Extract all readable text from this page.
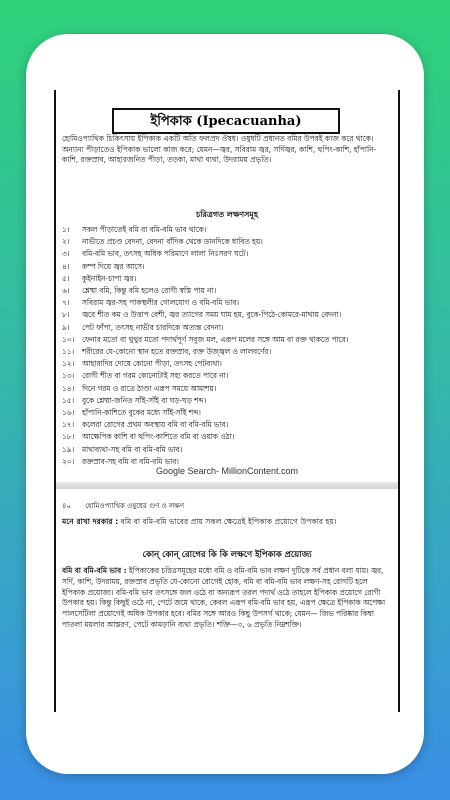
ইপিকাক (Ipecacuanha)
হোমিওপ্যাথিক চিকিৎসায় ইপিকাক একটি অতি ফলপ্রদ ঔষধ। ওষুধটি প্রধানত বমির উপরই কাজ করে থাকে। অন্যান্য পীড়াতেও ইপিকাক ভালো কাজ করে; যেমন—জ্বর, সবিরাম জ্বর, সর্দিজ্বর, কাশি, হুপিং-কাশি, হাঁপানি-কাশি, রক্তস্রাব, আহারজনিত পীড়া, তড়কা, মাথা ব্যথা, উদরাময় প্রভৃতি।
চরিত্রগত লক্ষণসমূহ
১।	সকল পীড়াতেই বমি বা বমি-বমি ভাব থাকে।
২।	নাভীতে প্রচণ্ড বেদনা, বেদনা বাঁদিক থেকে ডানদিকে ধাবিত হয়।
৩।	বমি-বমি ভাব, তৎসহ অধিক পরিমাণে লালা নিঃসরণ ঘটে।
৪।	কম্প দিয়ে জ্বর আসে।
৫।	কুইনাইন-চাপা জ্বর।
৬।	শ্লেষ্মা বমি, কিন্তু বমি হলেও রোগী স্বস্তি পায় না।
৭।	সবিরাম জ্বর-সহ পাকস্থলীর গোলযোগ ও বমি-বমি ভাব।
৮।	জ্বরে শীত কম ও উত্তাপ বেশী, জ্বর ত্যাগের সময় ঘাম হয়, বুকে-পিঠে-কোমরে-মাথায় বেদনা।
৯।	পেট ফাঁপা, তৎসহ নাভীর চারদিকে অত্যন্ত বেদনা।
১০।	ফেনার মতো বা থুথুর মতো পদার্থপূর্ণ সবুজ মল, এরূপ মলের সঙ্গে আম বা রক্ত থাকতে পারে।
১১।	শরীরের যে-কোনো স্থান হতে রক্তস্রাব, রক্ত উজ্জ্বল ও লালবর্ণের।
১২।	আহারাদির দোষে কোনো পীড়া, তৎসহ পেটব্যথা।
১৩।	রোগী শীত বা গরম কোনোটাই সহ্য করতে পারে না।
১৪।	দিনে গরম ও রাত্রে ঠাণ্ডা এরূপ সময়ে আমাশয়।
১৫।	বুকে শ্লেষ্মা-জনিত সাঁই-সাঁই বা ঘড়-ঘড় শব্দ।
১৬।	হাঁপানি-কাশিতে বুকের মধ্যে সাঁই-সাঁই শব্দ।
১৭।	কলেরা রোগের প্রথম অবস্থায় বমি বা বমি-বমি ভাব।
১৮।	আক্ষেপিক কাশি বা হুপিং-কাশিতে বমি বা ওয়াক ওঠা।
১৯।	মাথাব্যথা-সহ বমি বা বমি-বমি ভাব।
২০।	রক্তস্রাব-সহ বমি বা বমি-বমি ভাব।
Google Search- MillionContent.com
৪০ হোমিওপ্যাথিক ওষুধের গুণ ও লক্ষণ
মনে রাখা দরকার : বমি বা বমি-বমি ভাবের প্রায় সকল ক্ষেত্রেই ইপিকাক প্রয়োগে উপকার হয়।
কোন্ কোন্ রোগের কি কি লক্ষণে ইপিকাক প্রয়োজ্য
বমি বা বমি-বমি ভাব : ইপিকাকের চরিত্রসমূহের মধ্যে বমি ও বমি-বমি ভাব লক্ষণ দুটিকে সর্ব প্রধান বলা যায়। জ্বর, সর্দি, কাশি, উদরাময়, রক্তস্রাব প্রভৃতি যে-কোনো রোগেই হোক, বমি বা বমি-বমি ভাব লক্ষণ-সহ রোগটি হলে ইপিকাক প্রয়োজ্য। বমি-বমি ভাব তৎসঙ্গে জল ওঠে বা অন্যরূপ তরল পদার্থ ওঠে তাহলে ইপিকাক প্রয়োগে রোগী উপকার হয়। কিন্তু কিছুই ওঠে না, পেটে জমে থাকে, কেবল এরূপ বমি-বমি ভাব হয়, এরূপ ক্ষেত্রে ইপিকাক অপেক্ষা পালসেটিলা প্রয়োগেই অধিক উপকার হবে। বমির সঙ্গে আরও কিছু উপসর্গ থাকে; যেমন— জিভ পরিষ্কার কিম্বা পাতলা ময়লার আস্তরণ, পেটে কামড়ানি ব্যথা প্রভৃতি। শক্তি—৩, ৬ প্রভৃতি নিম্নশক্তি।
